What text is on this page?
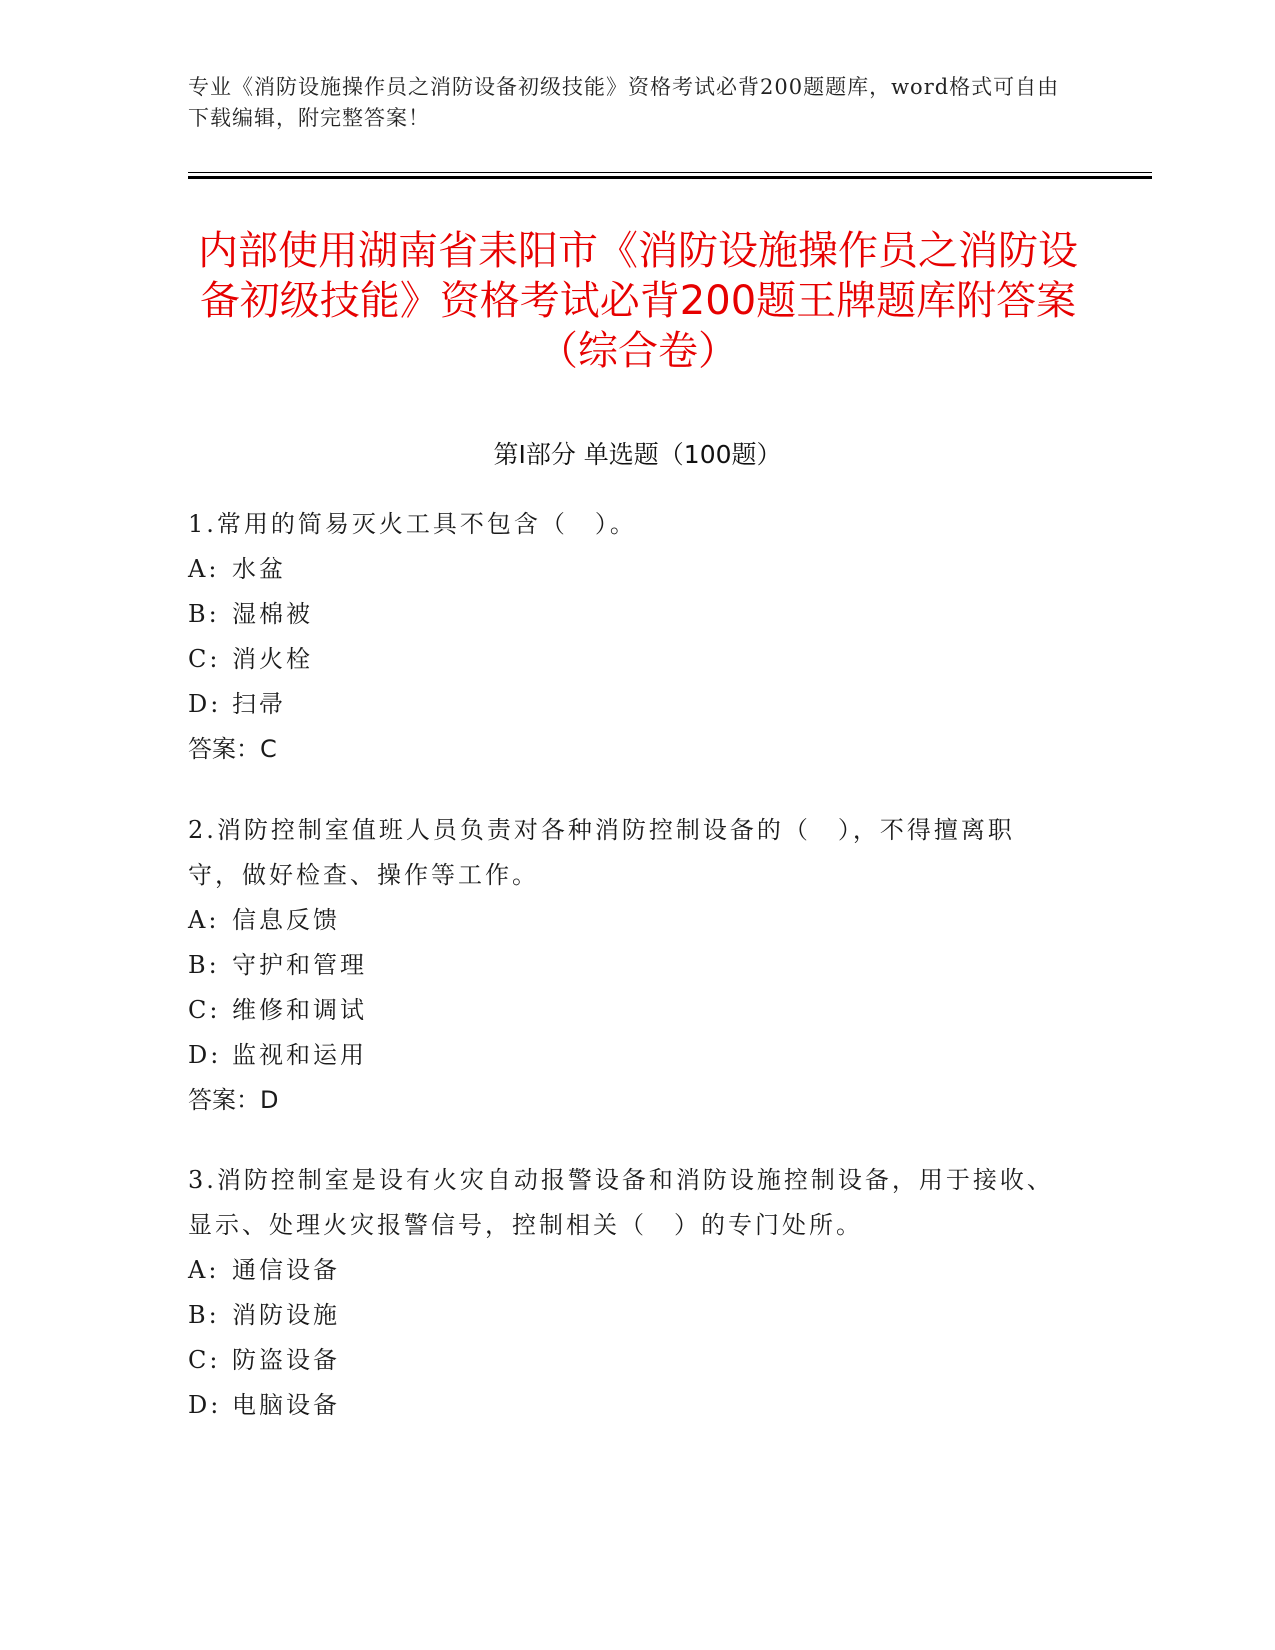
专业《消防设施操作员之消防设备初级技能》资格考试必背200题题库，word格式可自由下载编辑，附完整答案！
内部使用湖南省耒阳市《消防设施操作员之消防设备初级技能》资格考试必背200题王牌题库附答案（综合卷）
第Ⅰ部分 单选题（100题）

1.常用的简易灭火工具不包含（　）。

A: 水盆

B: 湿棉被

C: 消火栓

D: 扫帚

答案：C

2.消防控制室值班人员负责对各种消防控制设备的（　），不得擅离职守，做好检查、操作等工作。

A: 信息反馈

B: 守护和管理

C: 维修和调试

D: 监视和运用

答案：D

3.消防控制室是设有火灾自动报警设备和消防设施控制设备，用于接收、显示、处理火灾报警信号，控制相关（　）的专门处所。

A: 通信设备

B: 消防设施

C: 防盗设备

D: 电脑设备
